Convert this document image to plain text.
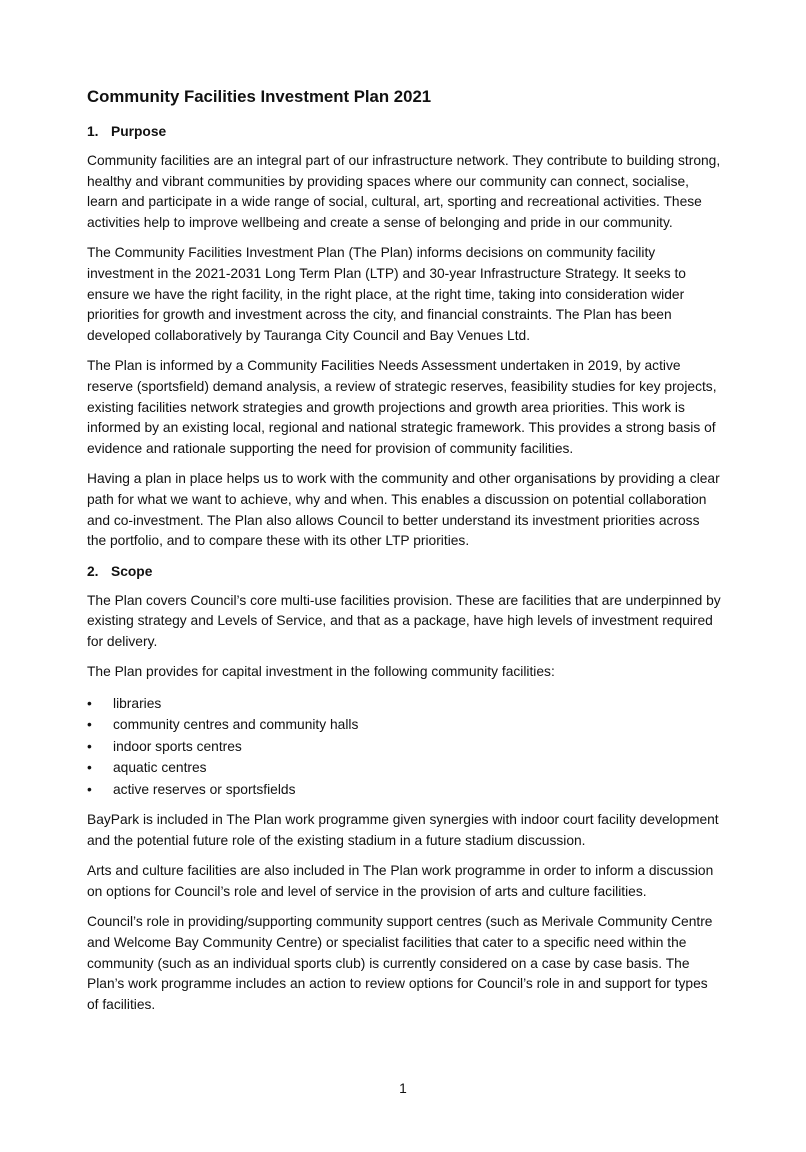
Community Facilities Investment Plan 2021
1. Purpose

Community facilities are an integral part of our infrastructure network. They contribute to building strong, healthy and vibrant communities by providing spaces where our community can connect, socialise, learn and participate in a wide range of social, cultural, art, sporting and recreational activities. These activities help to improve wellbeing and create a sense of belonging and pride in our community.

The Community Facilities Investment Plan (The Plan) informs decisions on community facility investment in the 2021-2031 Long Term Plan (LTP) and 30-year Infrastructure Strategy. It seeks to ensure we have the right facility, in the right place, at the right time, taking into consideration wider priorities for growth and investment across the city, and financial constraints. The Plan has been developed collaboratively by Tauranga City Council and Bay Venues Ltd.

The Plan is informed by a Community Facilities Needs Assessment undertaken in 2019, by active reserve (sportsfield) demand analysis, a review of strategic reserves, feasibility studies for key projects, existing facilities network strategies and growth projections and growth area priorities. This work is informed by an existing local, regional and national strategic framework. This provides a strong basis of evidence and rationale supporting the need for provision of community facilities.

Having a plan in place helps us to work with the community and other organisations by providing a clear path for what we want to achieve, why and when. This enables a discussion on potential collaboration and co-investment. The Plan also allows Council to better understand its investment priorities across the portfolio, and to compare these with its other LTP priorities.

2. Scope

The Plan covers Council’s core multi-use facilities provision. These are facilities that are underpinned by existing strategy and Levels of Service, and that as a package, have high levels of investment required for delivery.

The Plan provides for capital investment in the following community facilities:

• libraries
• community centres and community halls
• indoor sports centres
• aquatic centres
• active reserves or sportsfields

BayPark is included in The Plan work programme given synergies with indoor court facility development and the potential future role of the existing stadium in a future stadium discussion.

Arts and culture facilities are also included in The Plan work programme in order to inform a discussion on options for Council’s role and level of service in the provision of arts and culture facilities.

Council’s role in providing/supporting community support centres (such as Merivale Community Centre and Welcome Bay Community Centre) or specialist facilities that cater to a specific need within the community (such as an individual sports club) is currently considered on a case by case basis. The Plan’s work programme includes an action to review options for Council’s role in and support for types of facilities.

1
